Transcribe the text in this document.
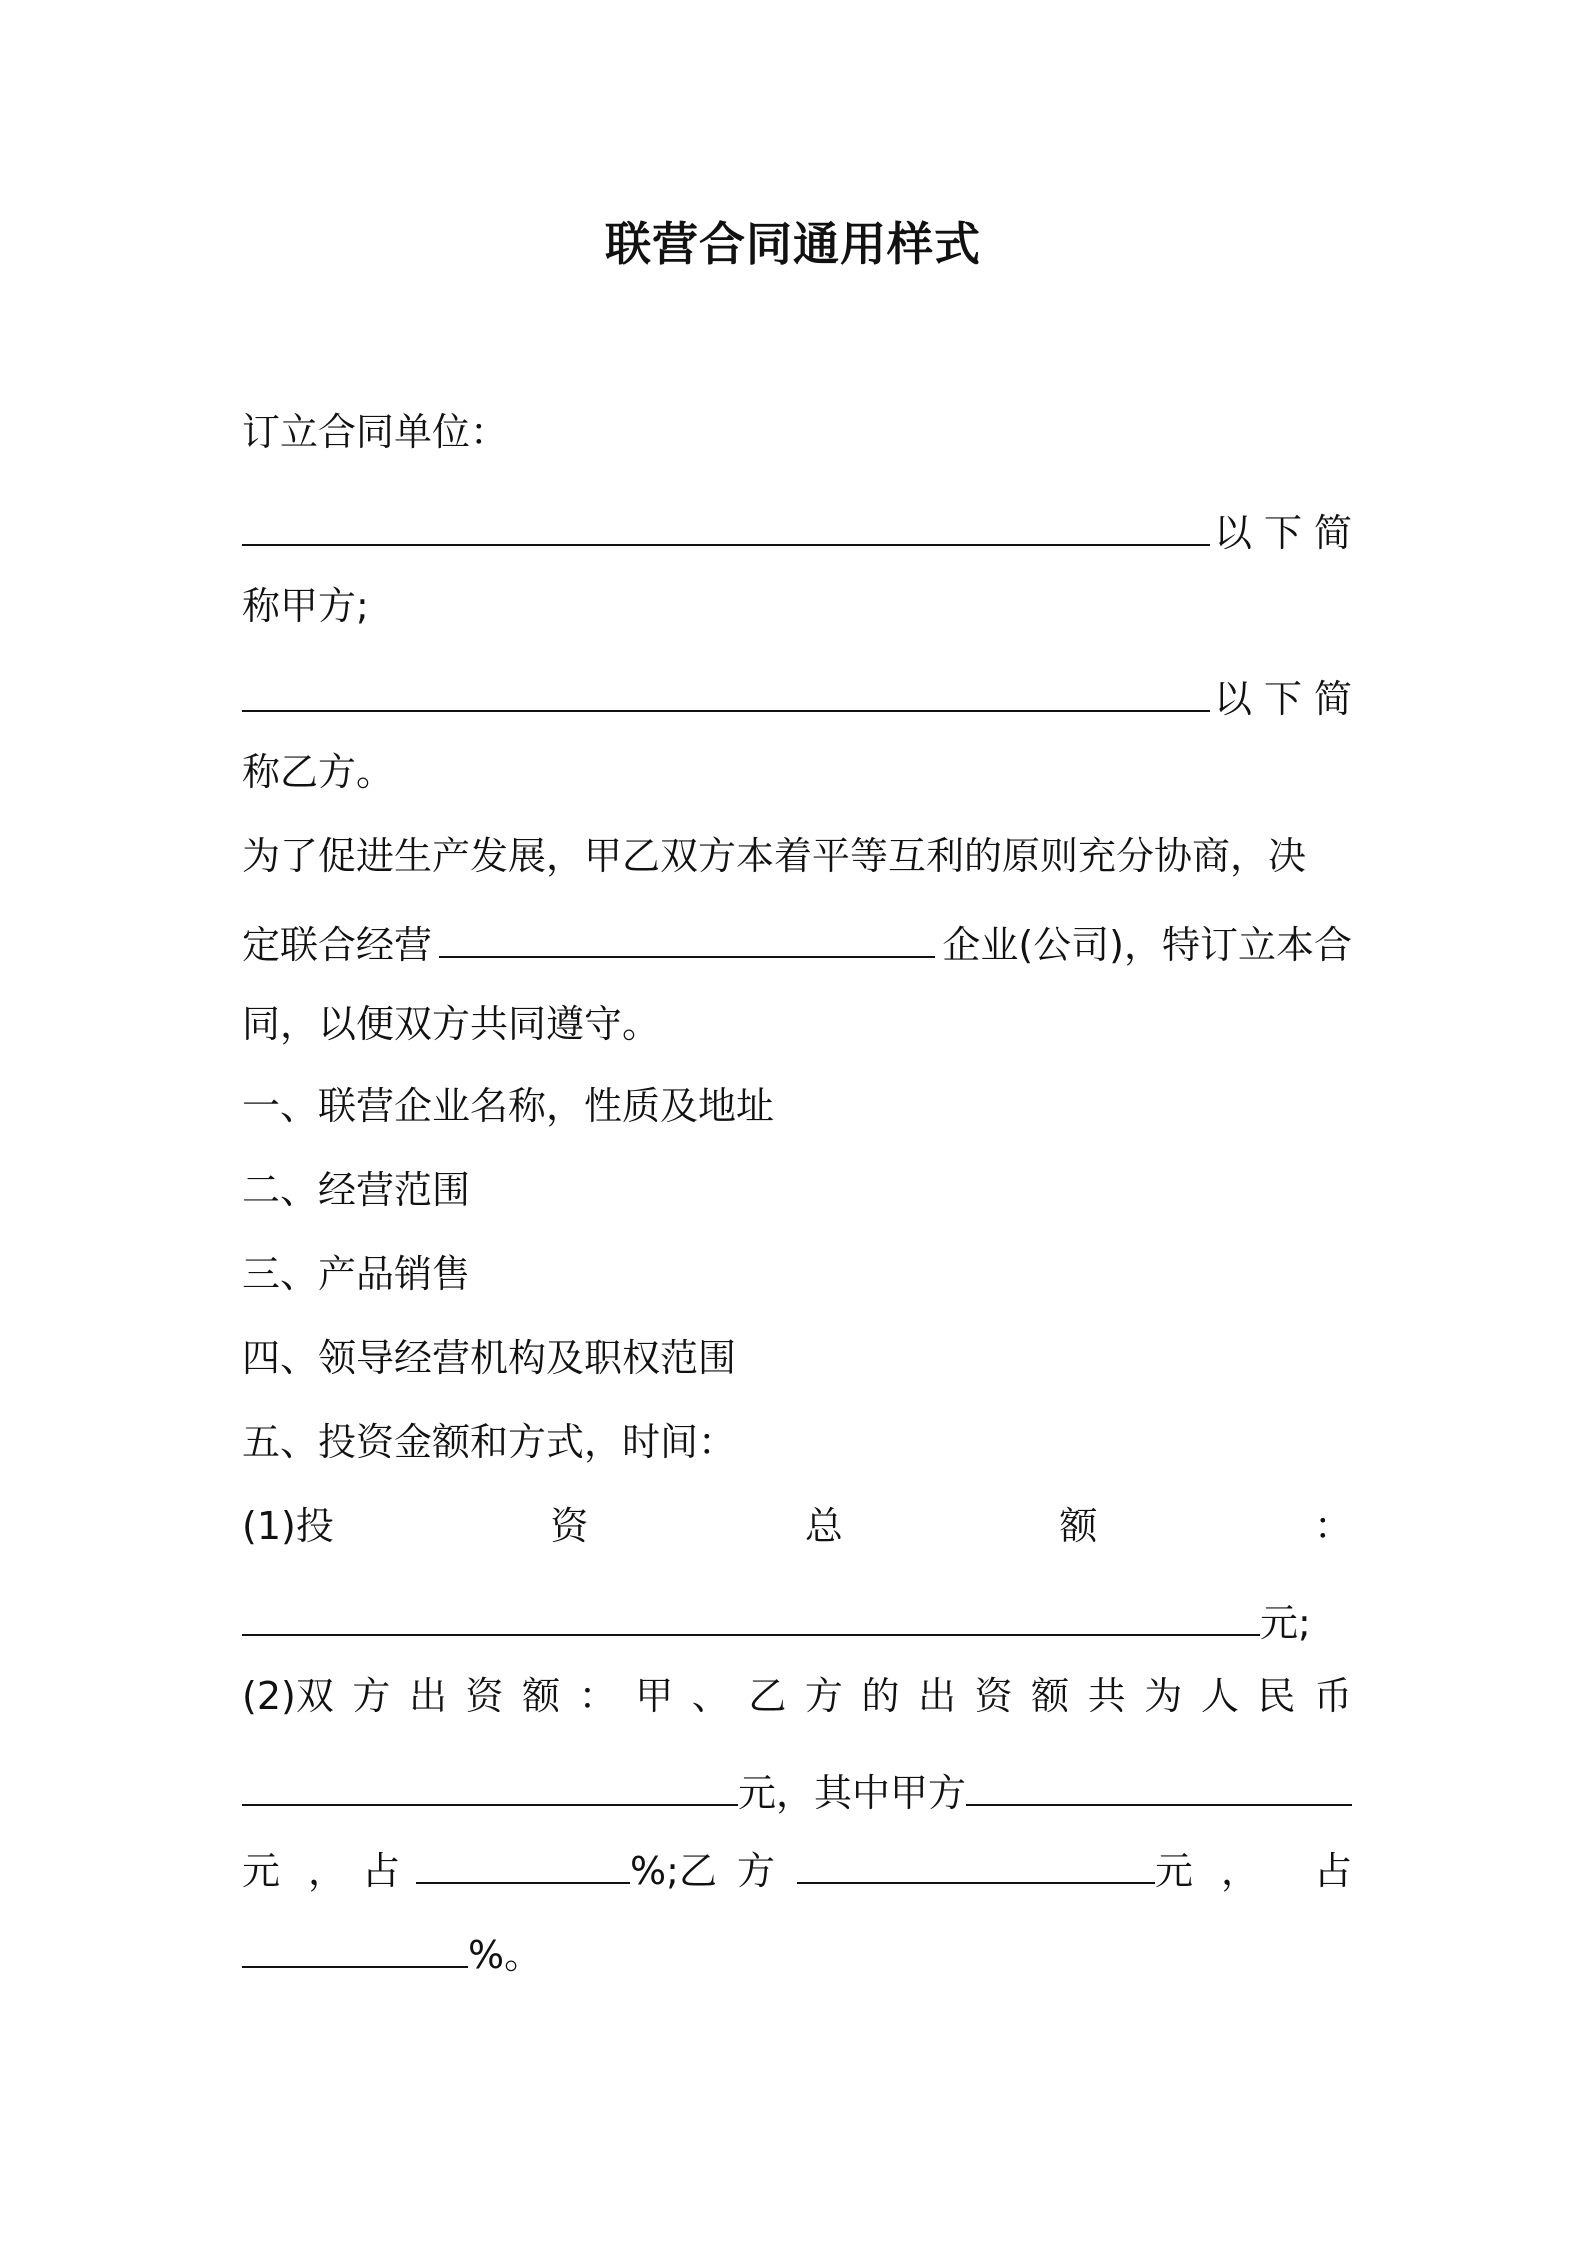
联营合同通用样式
订立合同单位：
以 下 简
称甲方;
以 下 简
称乙方。
为了促进生产发展，甲乙双方本着平等互利的原则充分协商，决
定联合经营	企业(公司)，特订立本合
同，以便双方共同遵守。
一、联营企业名称，性质及地址
二、经营范围
三、产品销售
四、领导经营机构及职权范围
五、投资金额和方式，时间：
(1)投	资	总	额	：
元;
(2)双 方 出 资 额 ： 甲 、 乙 方 的 出 资 额 共 为 人 民 币
元，其中甲方
元 ， 占	%;乙 方	元 ， 占
%。
